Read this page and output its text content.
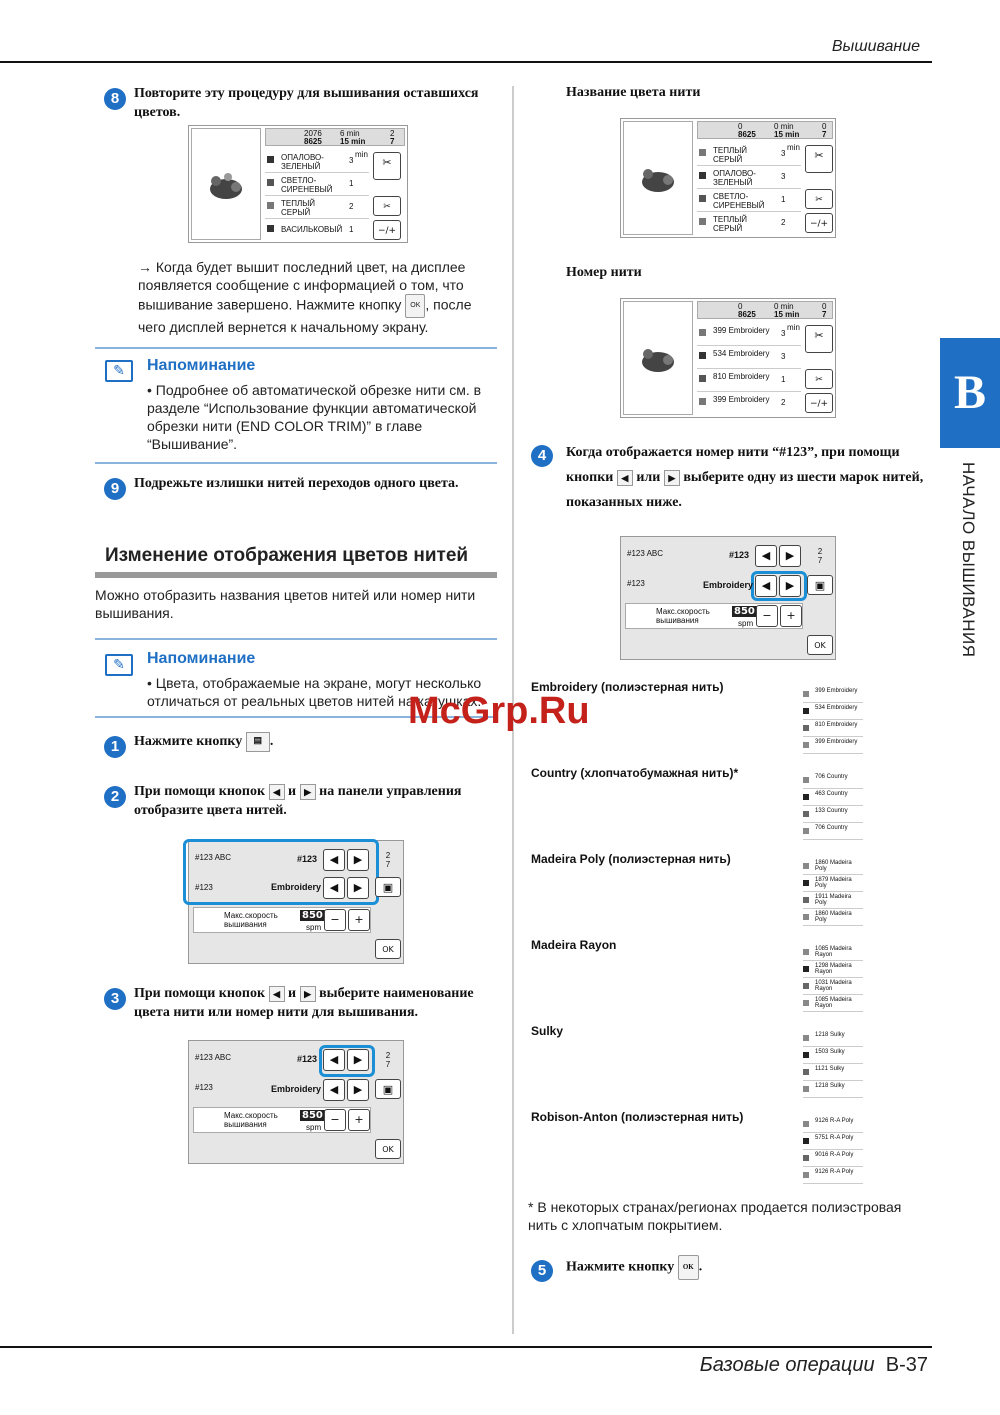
Вышивание
B
НАЧАЛО ВЫШИВАНИЯ
8	Повторите эту процедуру для вышивания оставшихся цветов.
2076
8625
6 min
15 min
2
7
ОПАЛОВО-ЗЕЛЕНЫЙ
3
СВЕТЛО-СИРЕНЕВЫЙ
1
ТЕПЛЫЙ СЕРЫЙ
2
ВАСИЛЬКОВЫЙ 1
min
✂
✂
−/+
→ Когда будет вышит последний цвет, на дисплее появляется сообщение с информацией о том, что вышивание завершено. Нажмите кнопку OK , после чего дисплей вернется к начальному экрану.
✎	Напоминание
• Подробнее об автоматической обрезке нити см. в разделе “Использование функции автоматической обрезки нити (END COLOR TRIM)” в главе “Вышивание”.
9	Подрежьте излишки нитей переходов одного цвета.
Изменение отображения цветов нитей
Можно отобразить названия цветов нитей или номер нити вышивания.
✎	Напоминание
• Цвета, отображаемые на экране, могут несколько отличаться от реальных цветов нитей на катушках.
1	Нажмите кнопку ▤ .
2	При помощи кнопок ◀ и ▶ на панели управления отобразите цвета нитей.
#123 ABC	#123	◀	▶
#123	Embroidery ◀	▶
2
7
▣
Макс.скорость вышивания
850
spm
−	+
OK
3	При помощи кнопок ◀ и ▶ выберите наименование цвета нити или номер нити для вышивания.
#123 ABC	#123	◀	▶
#123	Embroidery ◀	▶
2
7
▣
Макс.скорость вышивания
850
spm
−	+
OK
Название цвета нити
0
8625
0 min
15 min
0
7
ТЕПЛЫЙ СЕРЫЙ
3
ОПАЛОВО-ЗЕЛЕНЫЙ
3
СВЕТЛО-СИРЕНЕВЫЙ
1
ТЕПЛЫЙ СЕРЫЙ
2
min
✂
✂
−/+
Номер нити
0
8625
0 min
15 min
0
7
399 Embroidery	3
534 Embroidery	3
810 Embroidery	1
399 Embroidery	2
min
✂
✂
−/+
4	Когда отображается номер нити “#123”, при помощи кнопки ◀ или ▶ выберите одну из шести марок нитей, показанных ниже.
#123 ABC	#123	◀	▶
#123	Embroidery ◀	▶
2
7
▣
Макс.скорость вышивания
850
spm
−	+
OK
Embroidery (полиэстерная нить)	399 Embroidery
534 Embroidery
810 Embroidery
399 Embroidery
Country (хлопчатобумажная нить)*	706 Country
463 Country
133 Country
706 Country
Madeira Poly (полиэстерная нить)	1860 Madeira Poly
1879 Madeira Poly
1911 Madeira Poly
1860 Madeira Poly
Madeira Rayon	1085 Madeira Rayon
1298 Madeira Rayon
1031 Madeira Rayon
1085 Madeira Rayon
Sulky	1218 Sulky
1503 Sulky
1121 Sulky
1218 Sulky
Robison-Anton (полиэстерная нить)	9126 R-A Poly
5751 R-A Poly
9016 R-A Poly
9126 R-A Poly
* В некоторых странах/регионах продается полиэстровая нить с хлопчатым покрытием.
5	Нажмите кнопку OK .
McGrp.Ru
Базовые операции B-37
